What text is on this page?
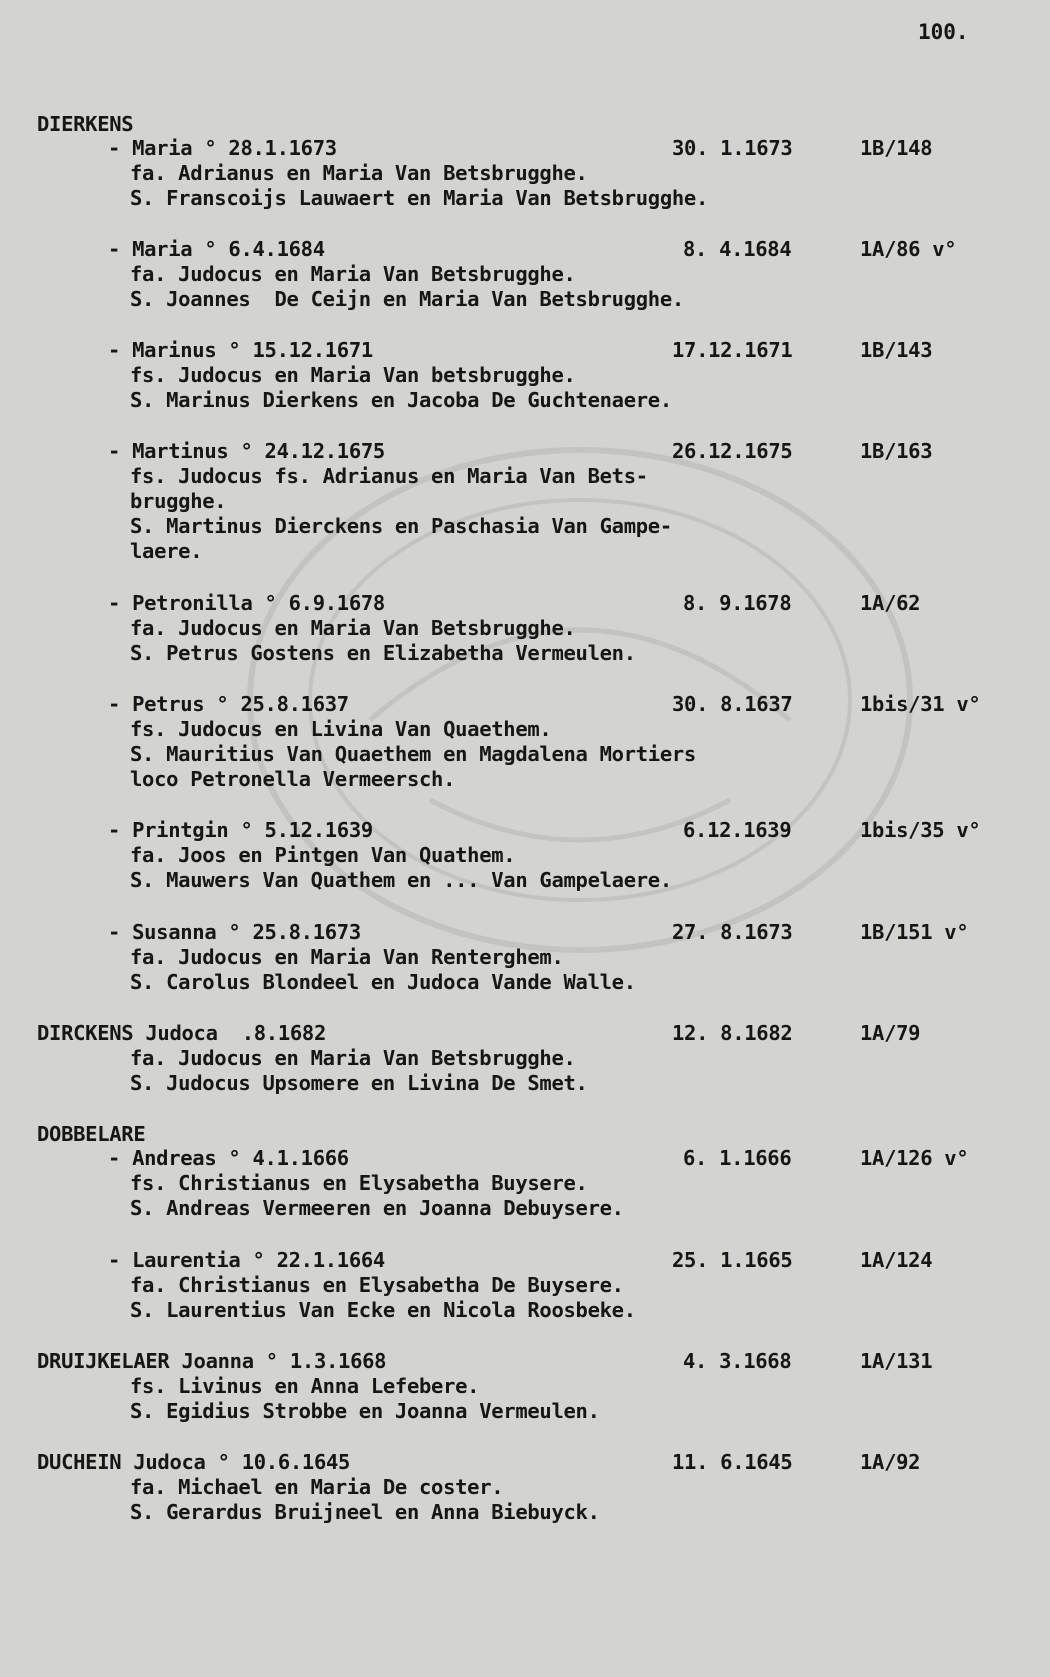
100.
DIERKENS
- Maria ° 28.1.1673	30. 1.1673	1B/148
fa. Adrianus en Maria Van Betsbrugghe.
S. Franscoijs Lauwaert en Maria Van Betsbrugghe.
- Maria ° 6.4.1684	8. 4.1684	1A/86 v°
fa. Judocus en Maria Van Betsbrugghe.
S. Joannes  De Ceijn en Maria Van Betsbrugghe.
- Marinus ° 15.12.1671	17.12.1671	1B/143
fs. Judocus en Maria Van betsbrugghe.
S. Marinus Dierkens en Jacoba De Guchtenaere.
- Martinus ° 24.12.1675	26.12.1675	1B/163
fs. Judocus fs. Adrianus en Maria Van Bets-
brugghe.
S. Martinus Dierckens en Paschasia Van Gampe-
laere.
- Petronilla ° 6.9.1678	8. 9.1678	1A/62
fa. Judocus en Maria Van Betsbrugghe.
S. Petrus Gostens en Elizabetha Vermeulen.
- Petrus ° 25.8.1637	30. 8.1637	1bis/31 v°
fs. Judocus en Livina Van Quaethem.
S. Mauritius Van Quaethem en Magdalena Mortiers
loco Petronella Vermeersch.
- Printgin ° 5.12.1639	6.12.1639	1bis/35 v°
fa. Joos en Pintgen Van Quathem.
S. Mauwers Van Quathem en ... Van Gampelaere.
- Susanna ° 25.8.1673	27. 8.1673	1B/151 v°
fa. Judocus en Maria Van Renterghem.
S. Carolus Blondeel en Judoca Vande Walle.
DIRCKENS Judoca  .8.1682	12. 8.1682	1A/79
fa. Judocus en Maria Van Betsbrugghe.
S. Judocus Upsomere en Livina De Smet.
DOBBELARE
- Andreas ° 4.1.1666	6. 1.1666	1A/126 v°
fs. Christianus en Elysabetha Buysere.
S. Andreas Vermeeren en Joanna Debuysere.
- Laurentia ° 22.1.1664	25. 1.1665	1A/124
fa. Christianus en Elysabetha De Buysere.
S. Laurentius Van Ecke en Nicola Roosbeke.
DRUIJKELAER Joanna ° 1.3.1668	4. 3.1668	1A/131
fs. Livinus en Anna Lefebere.
S. Egidius Strobbe en Joanna Vermeulen.
DUCHEIN Judoca ° 10.6.1645	11. 6.1645	1A/92
fa. Michael en Maria De coster.
S. Gerardus Bruijneel en Anna Biebuyck.
